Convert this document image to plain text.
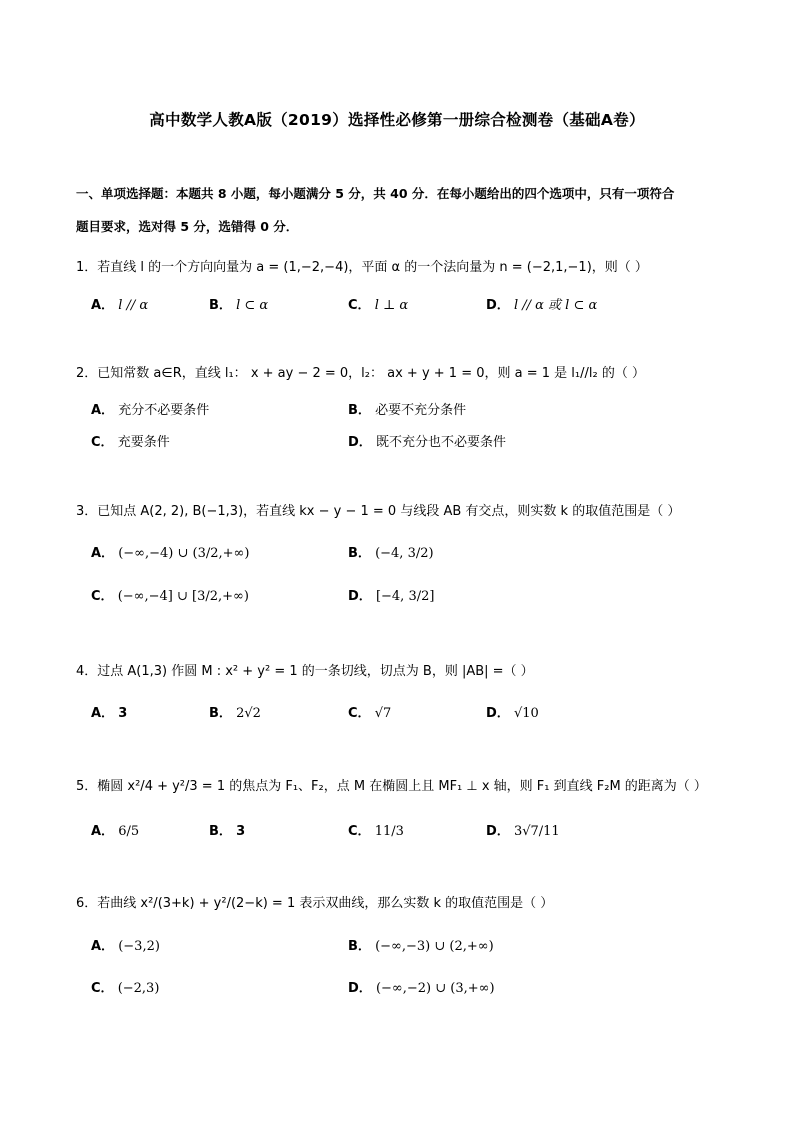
高中数学人教A版（2019）选择性必修第一册综合检测卷（基础A卷）
一、单项选择题：本题共 8 小题，每小题满分 5 分，共 40 分．在每小题给出的四个选项中，只有一项符合
题目要求，选对得 5 分，选错得 0 分．
1．若直线 l 的一个方向向量为 a = (1,−2,−4)，平面 α 的一个法向量为 n = (−2,1,−1)，则（ ）
A． l // α	B． l ⊂ α	C． l ⊥ α	D． l // α 或 l ⊂ α
2．已知常数 a∈R，直线 l₁： x + ay − 2 = 0，l₂： ax + y + 1 = 0，则 a = 1 是 l₁//l₂ 的（ ）
A． 充分不必要条件	B． 必要不充分条件
C． 充要条件	D． 既不充分也不必要条件
3．已知点 A(2, 2), B(−1,3)，若直线 kx − y − 1 = 0 与线段 AB 有交点，则实数 k 的取值范围是（ ）
A． (−∞,−4) ∪ (3/2,+∞)	B． (−4, 3/2)
C． (−∞,−4] ∪ [3/2,+∞)	D． [−4, 3/2]
4．过点 A(1,3) 作圆 M : x² + y² = 1 的一条切线，切点为 B，则 |AB| =（ ）
A． 3	B． 2√2	C． √7	D． √10
5．椭圆 x²/4 + y²/3 = 1 的焦点为 F₁、F₂，点 M 在椭圆上且 MF₁ ⊥ x 轴，则 F₁ 到直线 F₂M 的距离为（ ）
A． 6/5	B． 3	C． 11/3	D． 3√7/11
6．若曲线 x²/(3+k) + y²/(2−k) = 1 表示双曲线，那么实数 k 的取值范围是（ ）
A． (−3,2)	B． (−∞,−3) ∪ (2,+∞)
C． (−2,3)	D． (−∞,−2) ∪ (3,+∞)
